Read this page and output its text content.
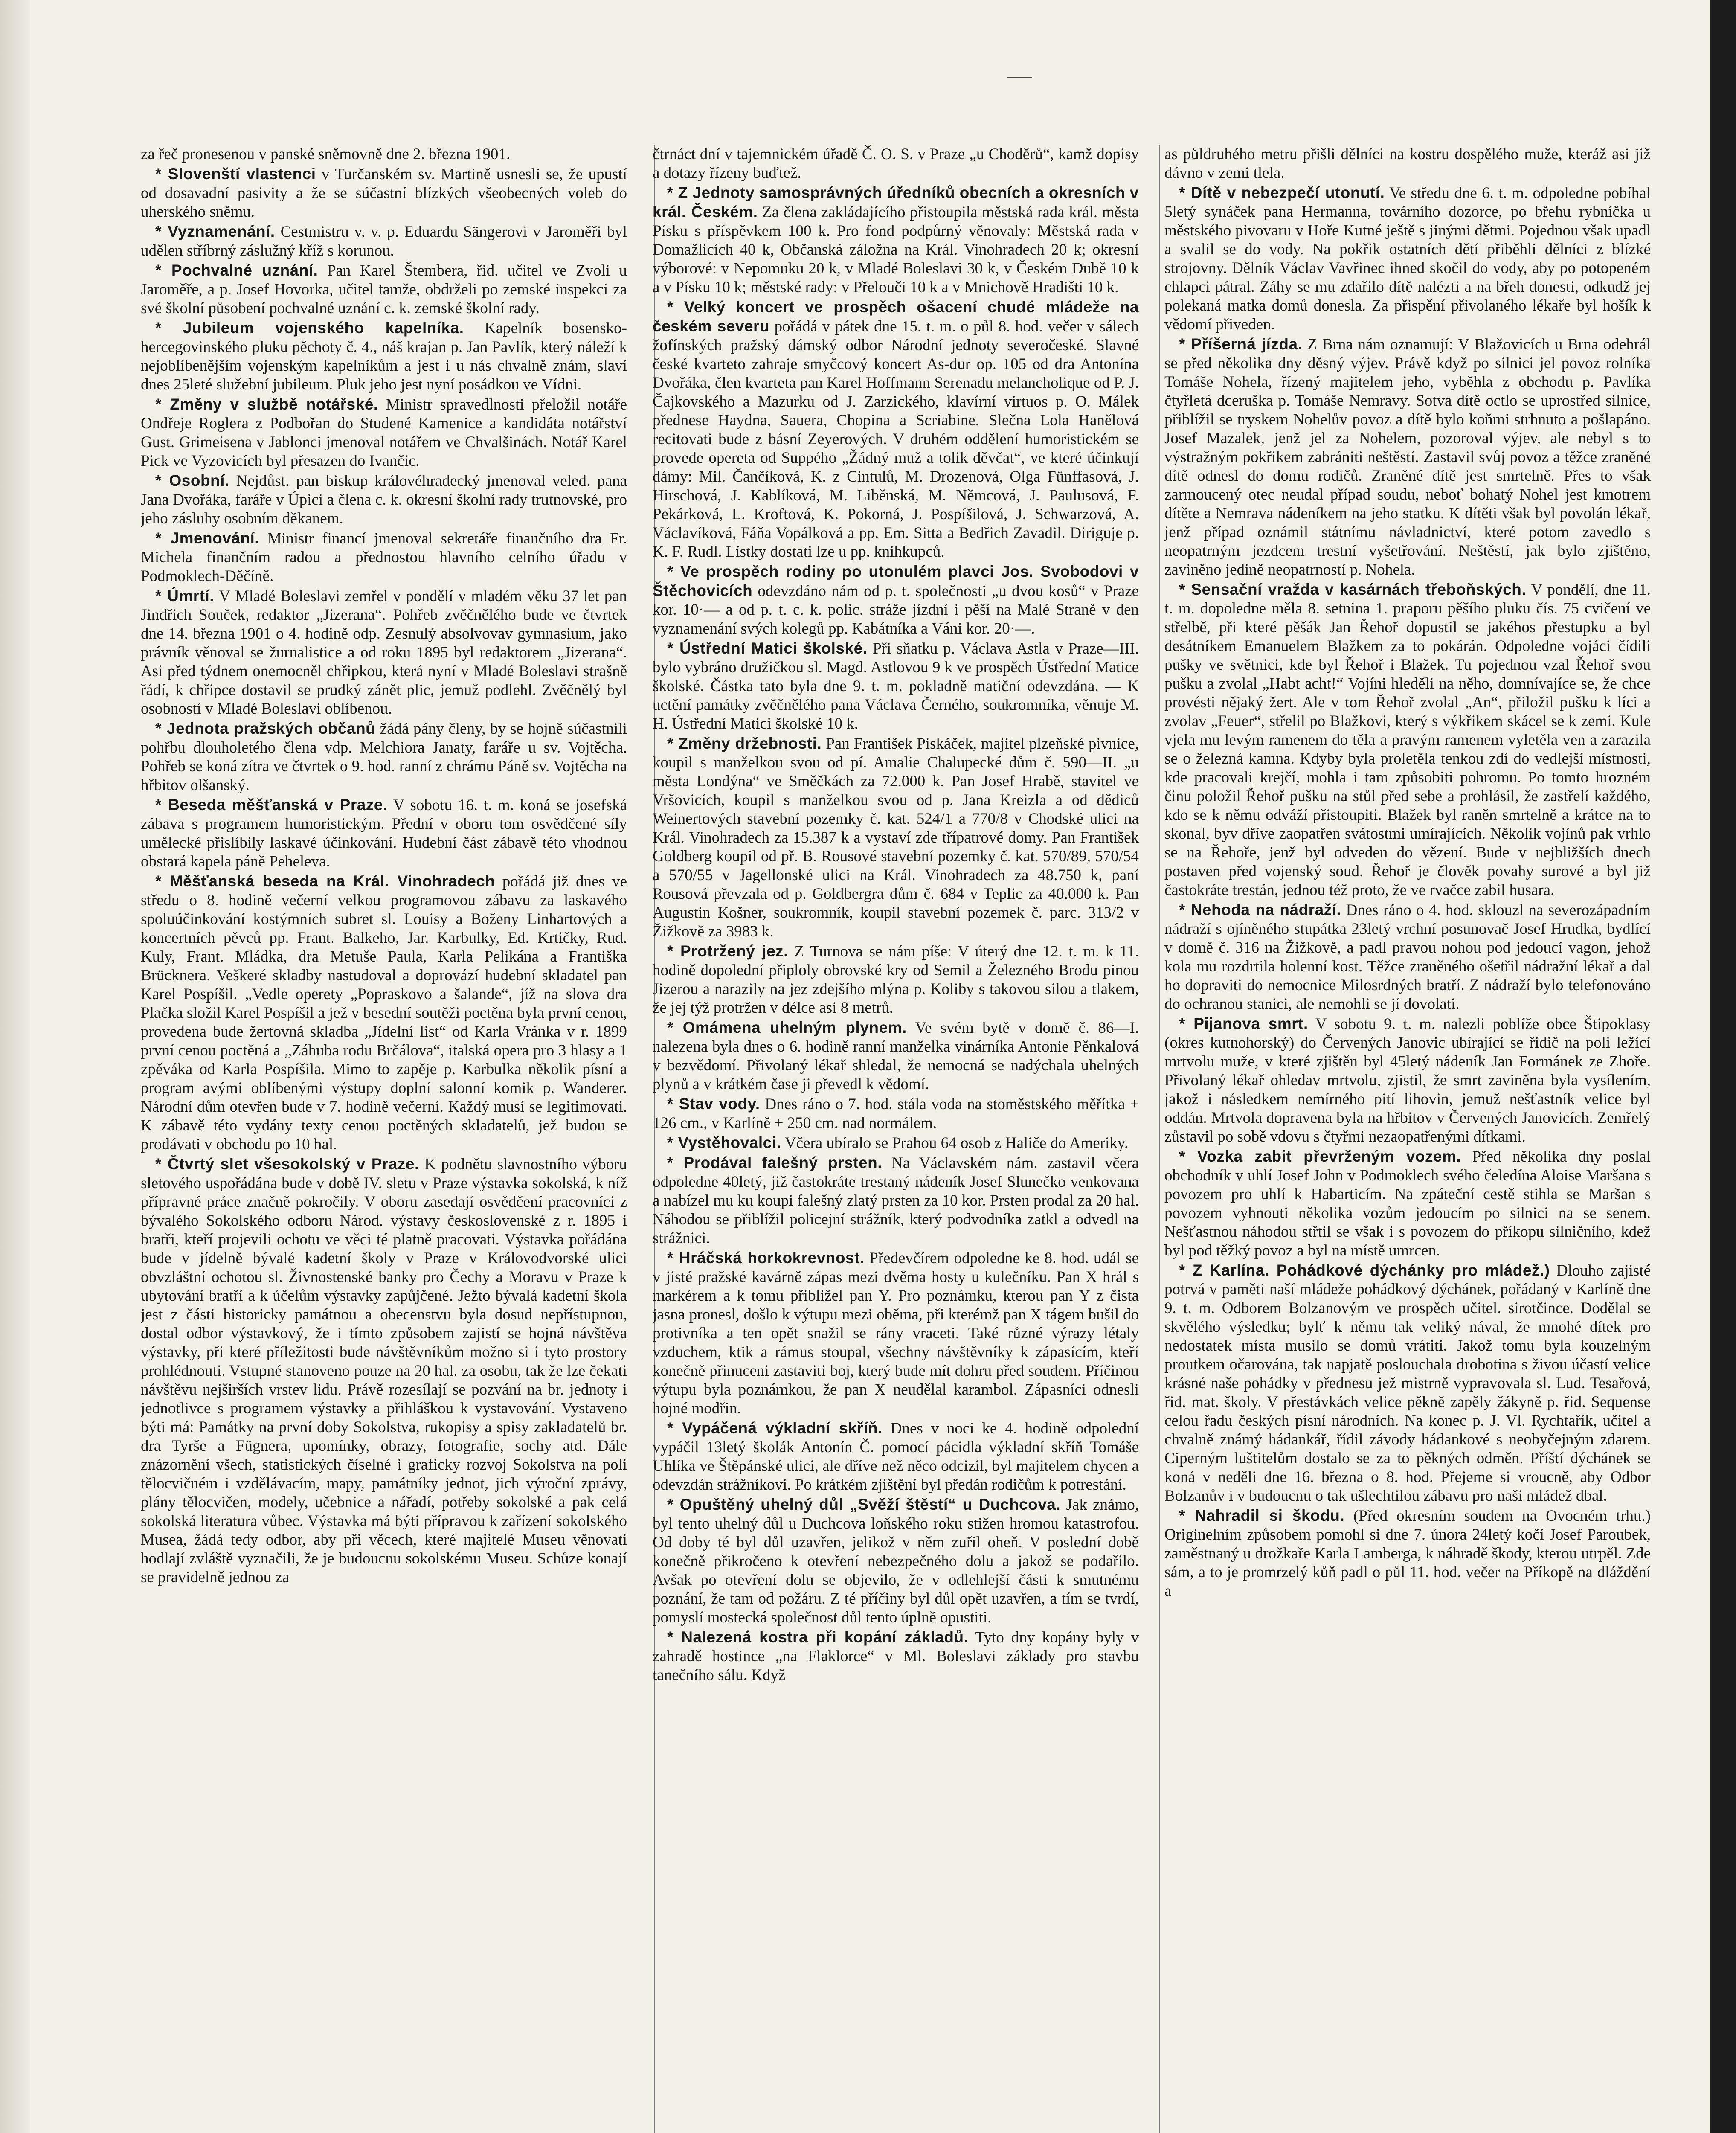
za řeč pronesenou v panské sněmovně dne 2. března 1901.

* Slovenští vlastenci v Turčanském sv. Martině usnesli se, že upustí od dosavadní pasivity a že se súčastní blízkých všeobecných voleb do uherského sněmu.

* Vyznamenání. Cestmistru v. v. p. Eduardu Sängerovi v Jaroměři byl udělen stříbrný záslužný kříž s korunou.

* Pochvalné uznání. Pan Karel Štembera, řid. učitel ve Zvoli u Jaroměře, a p. Josef Hovorka, učitel tamže, obdrželi po zemské inspekci za své školní působení pochvalné uznání c. k. zemské školní rady.

* Jubileum vojenského kapelníka. Kapelník bosensko-hercegovinského pluku pěchoty č. 4., náš krajan p. Jan Pavlík, který náleží k nejoblíbenějším vojenským kapelníkům a jest i u nás chvalně znám, slaví dnes 25leté služební jubileum. Pluk jeho jest nyní posádkou ve Vídni.

* Změny v službě notářské. Ministr spravedlnosti přeložil notáře Ondřeje Roglera z Podbořan do Studené Kamenice a kandidáta notářství Gust. Grimeisena v Jablonci jmenoval notářem ve Chvalšinách. Notář Karel Pick ve Vyzovicích byl přesazen do Ivančic.

* Osobní. Nejdůst. pan biskup královéhradecký jmenoval veled. pana Jana Dvořáka, faráře v Úpici a člena c. k. okresní školní rady trutnovské, pro jeho zásluhy osobním děkanem.

* Jmenování. Ministr financí jmenoval sekretáře finančního dra Fr. Michela finančním radou a přednostou hlavního celního úřadu v Podmoklech-Děčíně.

* Úmrtí. V Mladé Boleslavi zemřel v pondělí v mladém věku 37 let pan Jindřich Souček, redaktor „Jizerana“. Pohřeb zvěčnělého bude ve čtvrtek dne 14. března 1901 o 4. hodině odp. Zesnulý absolvovav gymnasium, jako právník věnoval se žurnalistice a od roku 1895 byl redaktorem „Jizerana“. Asi před týdnem onemocněl chřipkou, která nyní v Mladé Boleslavi strašně řádí, k chřipce dostavil se prudký zánět plic, jemuž podlehl. Zvěčnělý byl osobností v Mladé Boleslavi oblíbenou.

* Jednota pražských občanů žádá pány členy, by se hojně súčastnili pohřbu dlouholetého člena vdp. Melchiora Janaty, faráře u sv. Vojtěcha. Pohřeb se koná zítra ve čtvrtek o 9. hod. ranní z chrámu Páně sv. Vojtěcha na hřbitov olšanský.

* Beseda měšťanská v Praze. V sobotu 16. t. m. koná se josefská zábava s programem humoristickým. Přední v oboru tom osvědčené síly umělecké přislíbily laskavé účinkování. Hudební část zábavě této vhodnou obstará kapela páně Peheleva.

* Měšťanská beseda na Král. Vinohradech pořádá již dnes ve středu o 8. hodině večerní velkou programovou zábavu za laskavého spoluúčinkování kostýmních subret sl. Louisy a Boženy Linhartových a koncertních pěvců pp. Frant. Balkeho, Jar. Karbulky, Ed. Krtičky, Rud. Kuly, Frant. Mládka, dra Metuše Paula, Karla Pelikána a Františka Brücknera. Veškeré skladby nastudoval a doprovází hudební skladatel pan Karel Pospíšil. „Vedle operety „Popraskovo a šalande“, jíž na slova dra Plačka složil Karel Pospíšil a jež v besední soutěži poctěna byla první cenou, provedena bude žertovná skladba „Jídelní list“ od Karla Vránka v r. 1899 první cenou poctěná a „Záhuba rodu Brčálova“, italská opera pro 3 hlasy a 1 zpěváka od Karla Pospíšila. Mimo to zapěje p. Karbulka několik písní a program avými oblíbenými výstupy doplní salonní komik p. Wanderer. Národní dům otevřen bude v 7. hodině večerní. Každý musí se legitimovati. K zábavě této vydány texty cenou poctěných skladatelů, jež budou se prodávati v obchodu po 10 hal.

* Čtvrtý slet všesokolský v Praze. K podnětu slavnostního výboru sletového uspořádána bude v době IV. sletu v Praze výstavka sokolská, k níž přípravné práce značně pokročily. V oboru zasedají osvědčení pracovníci z bývalého Sokolského odboru Národ. výstavy československé z r. 1895 i bratři, kteří projevili ochotu ve věci té platně pracovati. Výstavka pořádána bude v jídelně bývalé kadetní školy v Praze v Královodvorské ulici obvzláštní ochotou sl. Živnostenské banky pro Čechy a Moravu v Praze k ubytování bratří a k účelům výstavky zapůjčené. Ježto bývalá kadetní škola jest z části historicky památnou a obecenstvu byla dosud nepřístupnou, dostal odbor výstavkový, že i tímto způsobem zajistí se hojná návštěva výstavky, při které příležitosti bude návštěvníkům možno si i tyto prostory prohlédnouti. Vstupné stanoveno pouze na 20 hal. za osobu, tak že lze čekati návštěvu nejširších vrstev lidu. Právě rozesílají se pozvání na br. jednoty i jednotlivce s programem výstavky a přihláškou k vystavování. Vystaveno býti má: Památky na první doby Sokolstva, rukopisy a spisy zakladatelů br. dra Tyrše a Fügnera, upomínky, obrazy, fotografie, sochy atd. Dále znázornění všech, statistických číselné i graficky rozvoj Sokolstva na poli tělocvičném i vzdělávacím, mapy, památníky jednot, jich výroční zprávy, plány tělocvičen, modely, učebnice a nářadí, potřeby sokolské a pak celá sokolská literatura vůbec. Výstavka má býti přípravou k zařízení sokolského Musea, žádá tedy odbor, aby při věcech, které majitelé Museu věnovati hodlají zvláště vyznačili, že je budoucnu sokolskému Museu. Schůze konají se pravidelně jednou za

čtrnáct dní v tajemnickém úřadě Č. O. S. v Praze „u Choděrů“, kamž dopisy a dotazy řízeny buďtež.

* Z Jednoty samosprávných úředníků obecních a okresních v král. Českém. Za člena zakládajícího přistoupila městská rada král. města Písku s příspěvkem 100 k. Pro fond podpůrný věnovaly: Městská rada v Domažlicích 40 k, Občanská záložna na Král. Vinohradech 20 k; okresní výborové: v Nepomuku 20 k, v Mladé Boleslavi 30 k, v Českém Dubě 10 k a v Písku 10 k; městské rady: v Přelouči 10 k a v Mnichově Hradišti 10 k.

* Velký koncert ve prospěch ošacení chudé mládeže na českém severu pořádá v pátek dne 15. t. m. o půl 8. hod. večer v sálech žofínských pražský dámský odbor Národní jednoty severočeské. Slavné české kvarteto zahraje smyčcový koncert As-dur op. 105 od dra Antonína Dvořáka, člen kvarteta pan Karel Hoffmann Serenadu melancholique od P. J. Čajkovského a Mazurku od J. Zarzického, klavírní virtuos p. O. Málek přednese Haydna, Sauera, Chopina a Scriabine. Slečna Lola Hanělová recitovati bude z básní Zeyerových. V druhém oddělení humoristickém se provede opereta od Suppého „Žádný muž a tolik děvčat“, ve které účinkují dámy: Mil. Čančíková, K. z Cintulů, M. Drozenová, Olga Fünffasová, J. Hirschová, J. Kablíková, M. Liběnská, M. Němcová, J. Paulusová, F. Pekárková, L. Kroftová, K. Pokorná, J. Pospíšilová, J. Schwarzová, A. Václavíková, Fáňa Vopálková a pp. Em. Sitta a Bedřich Zavadil. Diriguje p. K. F. Rudl. Lístky dostati lze u pp. knihkupců.

* Ve prospěch rodiny po utonulém plavci Jos. Svobodovi v Štěchovicích odevzdáno nám od p. t. společnosti „u dvou kosů“ v Praze kor. 10·— a od p. t. c. k. polic. stráže jízdní i pěší na Malé Straně v den vyznamenání svých kolegů pp. Kabátníka a Váni kor. 20·—.

* Ústřední Matici školské. Při sňatku p. Václava Astla v Praze—III. bylo vybráno družičkou sl. Magd. Astlovou 9 k ve prospěch Ústřední Matice školské. Částka tato byla dne 9. t. m. pokladně matiční odevzdána. — K uctění památky zvěčnělého pana Václava Černého, soukromníka, věnuje M. H. Ústřední Matici školské 10 k.

* Změny držebnosti. Pan František Piskáček, majitel plzeňské pivnice, koupil s manželkou svou od pí. Amalie Chalupecké dům č. 590—II. „u města Londýna“ ve Směčkách za 72.000 k. Pan Josef Hrabě, stavitel ve Vršovicích, koupil s manželkou svou od p. Jana Kreizla a od dědiců Weinertových stavební pozemky č. kat. 524/1 a 770/8 v Chodské ulici na Král. Vinohradech za 15.387 k a vystaví zde třípatrové domy. Pan František Goldberg koupil od př. B. Rousové stavební pozemky č. kat. 570/89, 570/54 a 570/55 v Jagellonské ulici na Král. Vinohradech za 48.750 k, paní Rousová převzala od p. Goldbergra dům č. 684 v Teplic za 40.000 k. Pan Augustin Košner, soukromník, koupil stavební pozemek č. parc. 313/2 v Žižkově za 3983 k.

* Protržený jez. Z Turnova se nám píše: V úterý dne 12. t. m. k 11. hodině dopolední připloly obrovské kry od Semil a Železného Brodu pinou Jizerou a narazily na jez zdejšího mlýna p. Koliby s takovou silou a tlakem, že jej týž protržen v délce asi 8 metrů.

* Omámena uhelným plynem. Ve svém bytě v domě č. 86—I. nalezena byla dnes o 6. hodině ranní manželka vinárníka Antonie Pěnkalová v bezvědomí. Přivolaný lékař shledal, že nemocná se nadýchala uhelných plynů a v krátkém čase ji převedl k vědomí.

* Stav vody. Dnes ráno o 7. hod. stála voda na stoměstského měřítka + 126 cm., v Karlíně + 250 cm. nad normálem.

* Vystěhovalci. Včera ubíralo se Prahou 64 osob z Haliče do Ameriky.

* Prodával falešný prsten. Na Václavském nám. zastavil včera odpoledne 40letý, již častokráte trestaný nádeník Josef Slunečko venkovana a nabízel mu ku koupi falešný zlatý prsten za 10 kor. Prsten prodal za 20 hal. Náhodou se přiblížil policejní strážník, který podvodníka zatkl a odvedl na strážnici.

* Hráčská horkokrevnost. Předevčírem odpoledne ke 8. hod. udál se v jisté pražské kavárně zápas mezi dvěma hosty u kulečníku. Pan X hrál s markérem a k tomu přibližel pan Y. Pro poznámku, kterou pan Y z čista jasna pronesl, došlo k výtupu mezi oběma, při kterémž pan X tágem bušil do protivníka a ten opět snažil se rány vraceti. Také různé výrazy létaly vzduchem, ktik a rámus stoupal, všechny návštěvníky k zápasícím, kteří konečně přinuceni zastaviti boj, který bude mít dohru před soudem. Příčinou výtupu byla poznámkou, že pan X neudělal karambol. Zápasníci odnesli hojné modřin.

* Vypáčená výkladní skříň. Dnes v noci ke 4. hodině odpolední vypáčil 13letý školák Antonín Č. pomocí pácidla výkladní skříň Tomáše Uhlíka ve Štěpánské ulici, ale dříve než něco odcizil, byl majitelem chycen a odevzdán strážníkovi. Po krátkém zjištění byl předán rodičům k potrestání.

* Opuštěný uhelný důl „Svěží štěstí“ u Duchcova. Jak známo, byl tento uhelný důl u Duchcova loňského roku stižen hromou katastrofou. Od doby té byl důl uzavřen, jelikož v něm zuřil oheň. V poslední době konečně přikročeno k otevření nebezpečného dolu a jakož se podařilo. Avšak po otevření dolu se objevilo, že v odlehlejší části k smutnému poznání, že tam od požáru. Z té příčiny byl důl opět uzavřen, a tím se tvrdí, pomyslí mostecká společnost důl tento úplně opustiti.

* Nalezená kostra při kopání základů. Tyto dny kopány byly v zahradě hostince „na Flaklorce“ v Ml. Boleslavi základy pro stavbu tanečního sálu. Když

as půldruhého metru přišli dělníci na kostru dospělého muže, kteráž asi již dávno v zemi tlela.

* Dítě v nebezpečí utonutí. Ve středu dne 6. t. m. odpoledne pobíhal 5letý synáček pana Hermanna, továrního dozorce, po břehu rybníčka u městského pivovaru v Hoře Kutné ještě s jinými dětmi. Pojednou však upadl a svalil se do vody. Na pokřik ostatních dětí přiběhli dělníci z blízké strojovny. Dělník Václav Vavřinec ihned skočil do vody, aby po potopeném chlapci pátral. Záhy se mu zdařilo dítě nalézti a na břeh donesti, odkudž jej polekaná matka domů donesla. Za přispění přivolaného lékaře byl hošík k vědomí přiveden.

* Příšerná jízda. Z Brna nám oznamují: V Blažovicích u Brna odehrál se před několika dny děsný výjev. Právě když po silnici jel povoz rolníka Tomáše Nohela, řízený majitelem jeho, vyběhla z obchodu p. Pavlíka čtyřletá dceruška p. Tomáše Nemravy. Sotva dítě octlo se uprostřed silnice, přiblížil se tryskem Nohelův povoz a dítě bylo koňmi strhnuto a pošlapáno. Josef Mazalek, jenž jel za Nohelem, pozoroval výjev, ale nebyl s to výstražným pokřikem zabrániti neštěstí. Zastavil svůj povoz a těžce zraněné dítě odnesl do domu rodičů. Zraněné dítě jest smrtelně. Přes to však zarmoucený otec neudal případ soudu, neboť bohatý Nohel jest kmotrem dítěte a Nemrava nádeníkem na jeho statku. K dítěti však byl povolán lékař, jenž případ oznámil státnímu návladnictví, které potom zavedlo s neopatrným jezdcem trestní vyšetřování. Neštěstí, jak bylo zjištěno, zaviněno jedině neopatrností p. Nohela.

* Sensační vražda v kasárnách třeboňských. V pondělí, dne 11. t. m. dopoledne měla 8. setnina 1. praporu pěšího pluku čís. 75 cvičení ve střelbě, při které pěšák Jan Řehoř dopustil se jakéhos přestupku a byl desátníkem Emanuelem Blažkem za to pokárán. Odpoledne vojáci čídili pušky ve světnici, kde byl Řehoř i Blažek. Tu pojednou vzal Řehoř svou pušku a zvolal „Habt acht!“ Vojíni hleděli na něho, domnívajíce se, že chce provésti nějaký žert. Ale v tom Řehoř zvolal „An“, přiložil pušku k líci a zvolav „Feuer“, střelil po Blažkovi, který s výkřikem skácel se k zemi. Kule vjela mu levým ramenem do těla a pravým ramenem vyletěla ven a zarazila se o železná kamna. Kdyby byla proletěla tenkou zdí do vedlejší místnosti, kde pracovali krejčí, mohla i tam způsobiti pohromu. Po tomto hrozném činu položil Řehoř pušku na stůl před sebe a prohlásil, že zastřelí každého, kdo se k němu odváží přistoupiti. Blažek byl raněn smrtelně a krátce na to skonal, byv dříve zaopatřen svátostmi umírajících. Několik vojínů pak vrhlo se na Řehoře, jenž byl odveden do vězení. Bude v nejbližších dnech postaven před vojenský soud. Řehoř je člověk povahy surové a byl již častokráte trestán, jednou též proto, že ve rvačce zabil husara.

* Nehoda na nádraží. Dnes ráno o 4. hod. sklouzl na severozápadním nádraží s ojíněného stupátka 23letý vrchní posunovač Josef Hrudka, bydlící v domě č. 316 na Žižkově, a padl pravou nohou pod jedoucí vagon, jehož kola mu rozdrtila holenní kost. Těžce zraněného ošetřil nádražní lékař a dal ho dopraviti do nemocnice Milosrdných bratří. Z nádraží bylo telefonováno do ochranou stanici, ale nemohli se jí dovolati.

* Pijanova smrt. V sobotu 9. t. m. nalezli poblíže obce Štipoklasy (okres kutnohorský) do Červených Janovic ubírající se řidič na poli ležící mrtvolu muže, v které zjištěn byl 45letý nádeník Jan Formánek ze Zhoře. Přivolaný lékař ohledav mrtvolu, zjistil, že smrt zaviněna byla vysílením, jakož i následkem nemírného pití lihovin, jemuž nešťastník velice byl oddán. Mrtvola dopravena byla na hřbitov v Červených Janovicích. Zemřelý zůstavil po sobě vdovu s čtyřmi nezaopatřenými dítkami.

* Vozka zabit převrženým vozem. Před několika dny poslal obchodník v uhlí Josef John v Podmoklech svého čeledína Aloise Maršana s povozem pro uhlí k Habarticím. Na zpáteční cestě stihla se Maršan s povozem vyhnouti několika vozům jedoucím po silnici na se senem. Nešťastnou náhodou střtil se však i s povozem do příkopu silničního, kdež byl pod těžký povoz a byl na místě umrcen.

* Z Karlína. Pohádkové dýchánky pro mládež.) Dlouho zajisté potrvá v paměti naší mládeže pohádkový dýchánek, pořádaný v Karlíně dne 9. t. m. Odborem Bolzanovým ve prospěch učitel. sirotčince. Dodělal se skvělého výsledku; bylť k němu tak veliký nával, že mnohé dítek pro nedostatek místa musilo se domů vrátiti. Jakož tomu byla kouzelným proutkem očarována, tak napjatě poslouchala drobotina s živou účastí velice krásné naše pohádky v přednesu jež mistrně vypravovala sl. Lud. Tesařová, řid. mat. školy. V přestávkách velice pěkně zapěly žákyně p. řid. Sequense celou řadu českých písní národních. Na konec p. J. Vl. Rychtařík, učitel a chvalně známý hádankář, řídil závody hádankové s neobyčejným zdarem. Ciperným luštitelům dostalo se za to pěkných odměn. Příští dýchánek se koná v neděli dne 16. března o 8. hod. Přejeme si vroucně, aby Odbor Bolzanův i v budoucnu o tak ušlechtilou zábavu pro naši mládež dbal.

* Nahradil si škodu. (Před okresním soudem na Ovocném trhu.) Originelním způsobem pomohl si dne 7. února 24letý kočí Josef Paroubek, zaměstnaný u drožkaře Karla Lamberga, k náhradě škody, kterou utrpěl. Zde sám, a to je promrzelý kůň padl o půl 11. hod. večer na Příkopě na dláždění a
